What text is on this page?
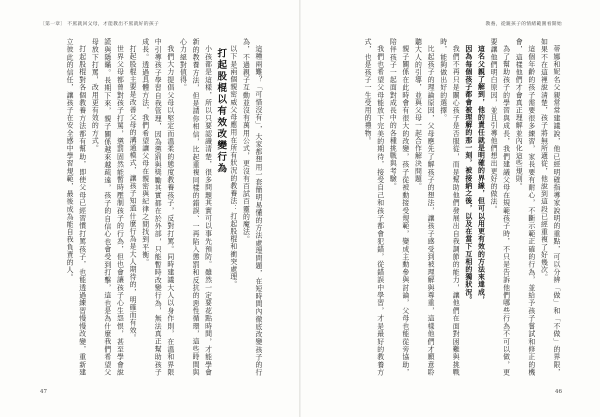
〔第一章〕 不罵就回父母，才能教出不罵就好的孩子

這種兩難？「可惜沒有」，大家都想用一套簡明易懂的方法處理問題，在短時間內徹底改變孩子的行為，不過親子互動並沒有萬用公式，更沒有百試百靈的魔法。

以下是兩個親密威父母應用在所有狀況的教養法：打起股棍和衝突處理。

打起股棍以有效改變行為

小孩都是這樣，所以只要認識清楚，很多問題其實可以事先預防。雖然一定要花點時間，才能學會新的教養方法，但是請你相信，比起重複同樣的錯誤、一再陷入懲罰和反抗的惡性循環，這些時間與心力絕對值得。

我們大力提倡父母以堅定而溫柔的態度教養孩子，反對打罵。同時建議大人以身作則，在溫和界限中引導孩子學習自我管理，因為懲罰與獎勵其實都在於外部，只能暫時改變行為，無法真正幫助孩子成長。透過具體方法，我們希望讓父母在親密與紀律之間找到平衡。

打起股棍主要是改善父母的溝通模式，讓孩子知道什麼行為是大人期待的，明確而有效。

世界父母都曾對孩子打罵，懲罰固然能暫時壓制孩子的行為，但也會讓孩子心生怨恨，甚至學會說謊與隱瞞。長期下來，親子關係越來越疏遠，孩子的自信心也會受到打擊，這也是為什麼我們希望父母放下打罵，改用更有效的方式。

打起股棍對各個教養方法都有幫助，即使父母已經習慣打罵孩子，也能透過練習慢慢改變，重新建立彼此的信任，讓孩子在安全感中學習規範，最後成為能自我負責的人。

47
教養，從親孩子的情緒範圍看開始

蒂娜和妮名父親常常建議說，他已經明確指導家說明的重點，可以分辨「做」和「不做」的界限，如果不在這裡說清楚，孩子將無所適從，他說到這段已經重複了好幾次。

這個年齡的孩子需要很多練習，家長要有耐心，不斷示範正確的行為，並給予孩子嘗試和修正的機會，這樣他們才會真正理解並內化這些規則。

為了幫助孩子的學習與成長，我們建議父母在規範孩子時，不只是告訴他們哪些行為不可以做，更要讓他們明白原因，並且引導他們想出更好的做法。

這名父親了解到，他的責任就是明確的界線，但可以用更有效的方法來達成，

因為每個孩子都會被理解的那一刻，被接納之後，以及在當下互相的獨狀況。

我們不再只是關心孩子是否服從，而是幫助他們發展出自我調節的能力，讓他們在面對困難與挑戰時，能夠做出好的選擇。

比起孩子的理論原因，父母應先了解孩子的想法，讓孩子感受到被理解與尊重，這樣他們才願意聆聽大人的引導，並與父母一起合作解決問題。

親子關係在此時會有很大的改變，孩子從被動接受規範，變成主動參與討論，父母也能從旁協助，陪伴孩子一起面對成長中的各種挑戰與考驗。

我們也希望父母能放下完美的期待，接受自己和孩子都會犯錯，從錯誤中學習，才是最好的教養方式，也是孩子一生受用的禮物。

46
